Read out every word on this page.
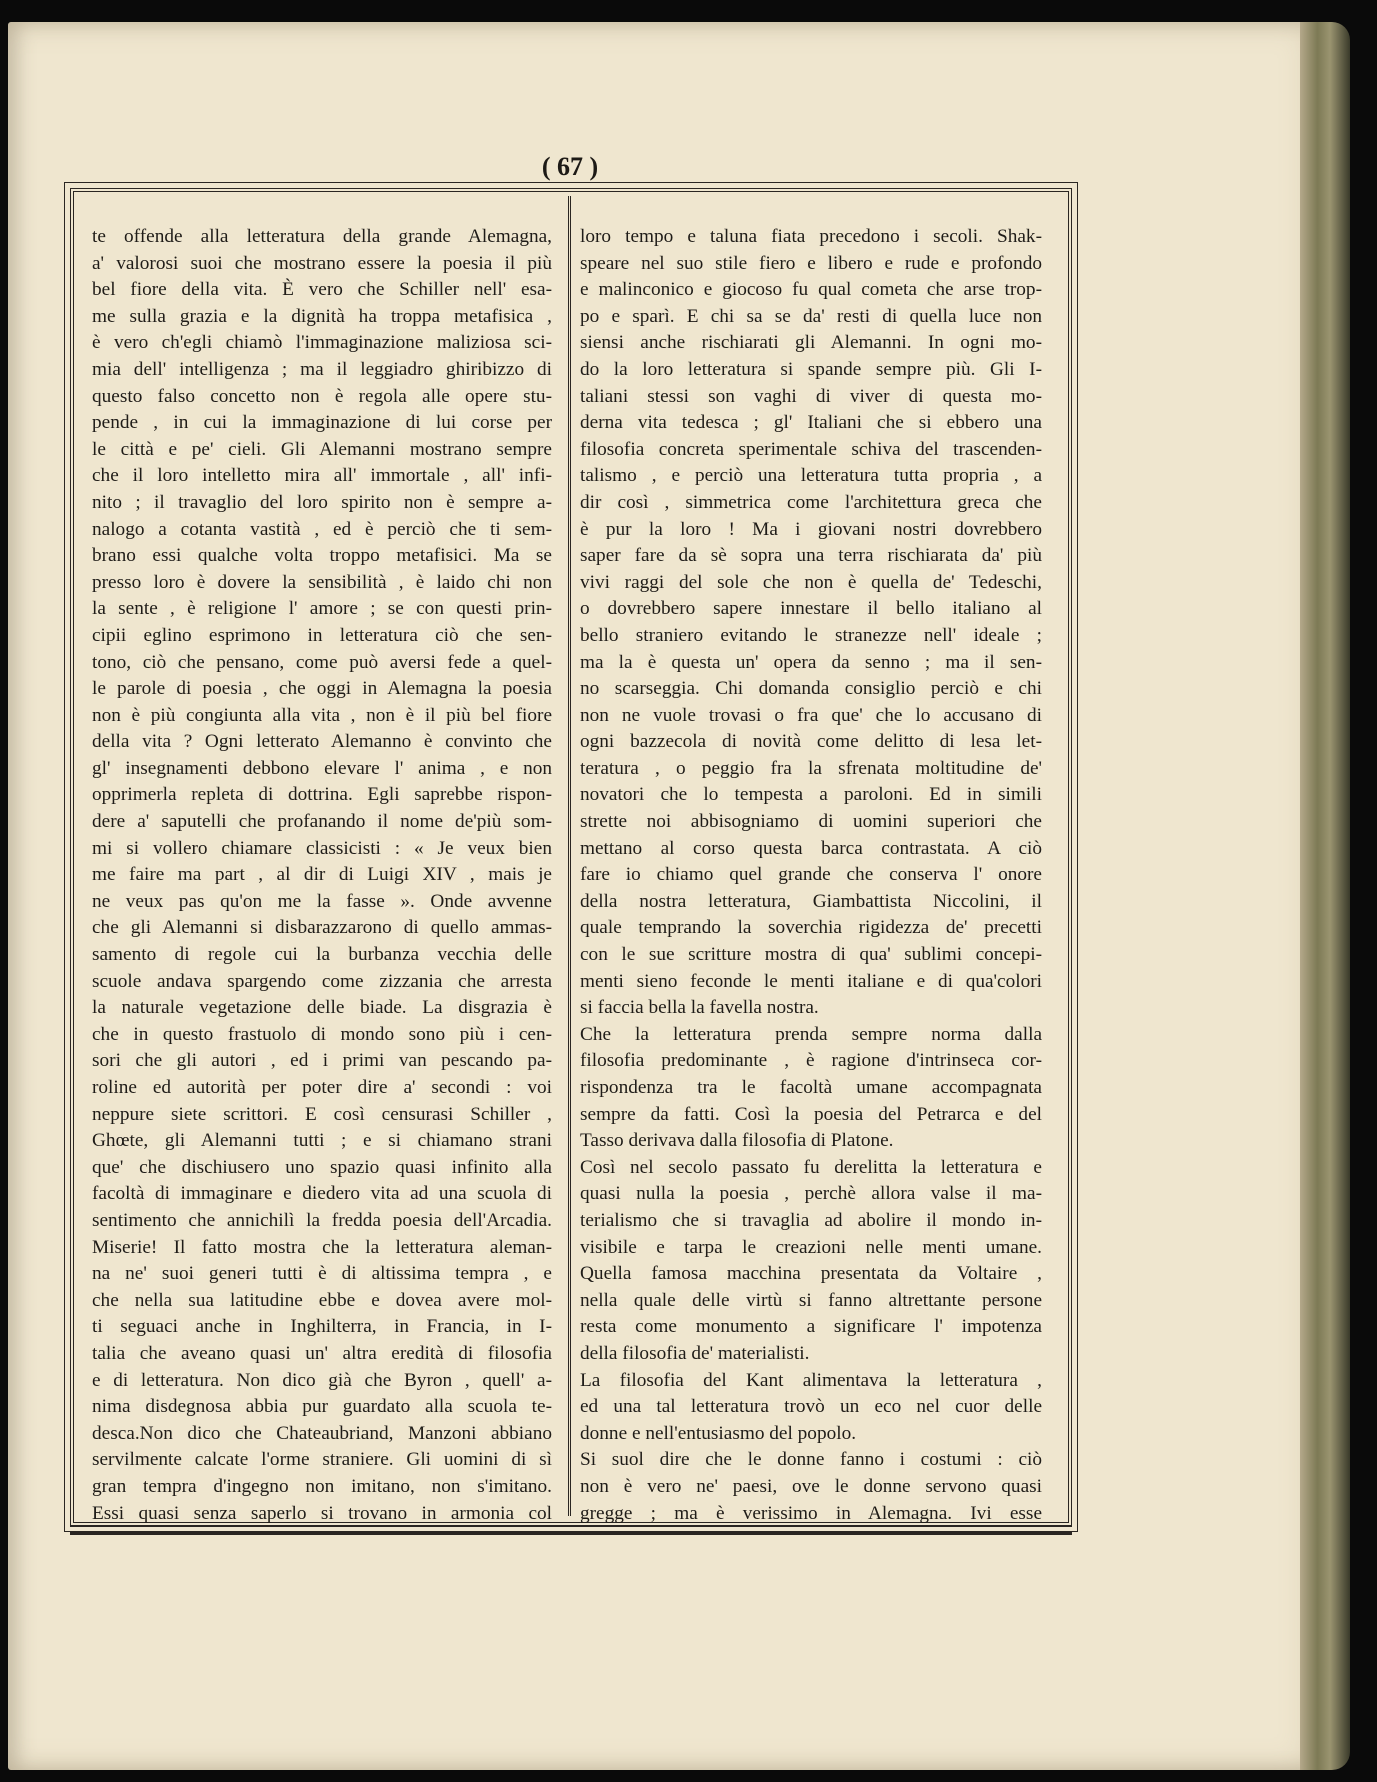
( 67 )
te offende alla letteratura della grande Alemagna,
a' valorosi suoi che mostrano essere la poesia il più
bel fiore della vita. È vero che Schiller nell' esa-
me sulla grazia e la dignità ha troppa metafisica ,
è vero ch'egli chiamò l'immaginazione maliziosa sci-
mia dell' intelligenza ; ma il leggiadro ghiribizzo di
questo falso concetto non è regola alle opere stu-
pende , in cui la immaginazione di lui corse per
le città e pe' cieli. Gli Alemanni mostrano sempre
che il loro intelletto mira all' immortale , all' infi-
nito ; il travaglio del loro spirito non è sempre a-
nalogo a cotanta vastità , ed è perciò che ti sem-
brano essi qualche volta troppo metafisici. Ma se
presso loro è dovere la sensibilità , è laido chi non
la sente , è religione l' amore ; se con questi prin-
cipii eglino esprimono in letteratura ciò che sen-
tono, ciò che pensano, come può aversi fede a quel-
le parole di poesia , che oggi in Alemagna la poesia
non è più congiunta alla vita , non è il più bel fiore
della vita ? Ogni letterato Alemanno è convinto che
gl' insegnamenti debbono elevare l' anima , e non
opprimerla repleta di dottrina. Egli saprebbe rispon-
dere a' saputelli che profanando il nome de'più som-
mi si vollero chiamare classicisti : « Je veux bien
me faire ma part , al dir di Luigi XIV , mais je
ne veux pas qu'on me la fasse ». Onde avvenne
che gli Alemanni si disbarazzarono di quello ammas-
samento di regole cui la burbanza vecchia delle
scuole andava spargendo come zizzania che arresta
la naturale vegetazione delle biade. La disgrazia è
che in questo frastuolo di mondo sono più i cen-
sori che gli autori , ed i primi van pescando pa-
roline ed autorità per poter dire a' secondi : voi
neppure siete scrittori. E così censurasi Schiller ,
Ghœte, gli Alemanni tutti ; e si chiamano strani
que' che dischiusero uno spazio quasi infinito alla
facoltà di immaginare e diedero vita ad una scuola di
sentimento che annichilì la fredda poesia dell'Arcadia.
Miserie! Il fatto mostra che la letteratura aleman-
na ne' suoi generi tutti è di altissima tempra , e
che nella sua latitudine ebbe e dovea avere mol-
ti seguaci anche in Inghilterra, in Francia, in I-
talia che aveano quasi un' altra eredità di filosofia
e di letteratura. Non dico già che Byron , quell' a-
nima disdegnosa abbia pur guardato alla scuola te-
desca.Non dico che Chateaubriand, Manzoni abbiano
servilmente calcate l'orme straniere. Gli uomini di sì
gran tempra d'ingegno non imitano, non s'imitano.
Essi quasi senza saperlo si trovano in armonia col
loro tempo e taluna fiata precedono i secoli. Shak-
speare nel suo stile fiero e libero e rude e profondo
e malinconico e giocoso fu qual cometa che arse trop-
po e sparì. E chi sa se da' resti di quella luce non
siensi anche rischiarati gli Alemanni. In ogni mo-
do la loro letteratura si spande sempre più. Gli I-
taliani stessi son vaghi di viver di questa mo-
derna vita tedesca ; gl' Italiani che si ebbero una
filosofia concreta sperimentale schiva del trascenden-
talismo , e perciò una letteratura tutta propria , a
dir così , simmetrica come l'architettura greca che
è pur la loro ! Ma i giovani nostri dovrebbero
saper fare da sè sopra una terra rischiarata da' più
vivi raggi del sole che non è quella de' Tedeschi,
o dovrebbero sapere innestare il bello italiano al
bello straniero evitando le stranezze nell' ideale ;
ma la è questa un' opera da senno ; ma il sen-
no scarseggia. Chi domanda consiglio perciò e chi
non ne vuole trovasi o fra que' che lo accusano di
ogni bazzecola di novità come delitto di lesa let-
teratura , o peggio fra la sfrenata moltitudine de'
novatori che lo tempesta a paroloni. Ed in simili
strette noi abbisogniamo di uomini superiori che
mettano al corso questa barca contrastata. A ciò
fare io chiamo quel grande che conserva l' onore
della nostra letteratura, Giambattista Niccolini, il
quale temprando la soverchia rigidezza de' precetti
con le sue scritture mostra di qua' sublimi concepi-
menti sieno feconde le menti italiane e di qua'colori
si faccia bella la favella nostra.
Che la letteratura prenda sempre norma dalla
filosofia predominante , è ragione d'intrinseca cor-
rispondenza tra le facoltà umane accompagnata
sempre da fatti. Così la poesia del Petrarca e del
Tasso derivava dalla filosofia di Platone.
Così nel secolo passato fu derelitta la letteratura e
quasi nulla la poesia , perchè allora valse il ma-
terialismo che si travaglia ad abolire il mondo in-
visibile e tarpa le creazioni nelle menti umane.
Quella famosa macchina presentata da Voltaire ,
nella quale delle virtù si fanno altrettante persone
resta come monumento a significare l' impotenza
della filosofia de' materialisti.
La filosofia del Kant alimentava la letteratura ,
ed una tal letteratura trovò un eco nel cuor delle
donne e nell'entusiasmo del popolo.
Si suol dire che le donne fanno i costumi : ciò
non è vero ne' paesi, ove le donne servono quasi
gregge ; ma è verissimo in Alemagna. Ivi esse
